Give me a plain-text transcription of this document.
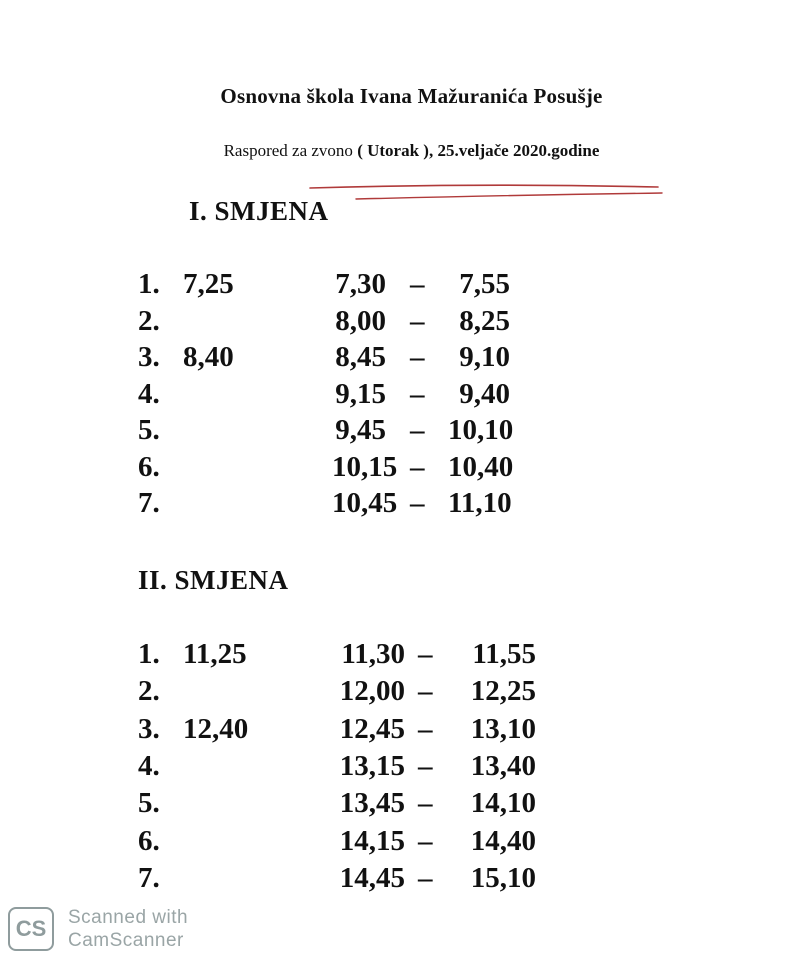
Osnovna škola Ivana Mažuranića Posušje
Raspored za zvono ( Utorak ), 25.veljače 2020.godine
I. SMJENA
1. 7,25	7,30 –	7,55
2.	8,00 –	8,25
3. 8,40	8,45 –	9,10
4.	9,15 –	9,40
5.	9,45 – 10,10
6.	10,15 – 10,40
7.	10,45 – 11,10
II. SMJENA
1. 11,25	11,30 –	11,55
2.	12,00 –	12,25
3. 12,40	12,45 –	13,10
4.	13,15 –	13,40
5.	13,45 –	14,10
6.	14,15 –	14,40
7.	14,45 –	15,10
CS	Scanned with
CamScanner
